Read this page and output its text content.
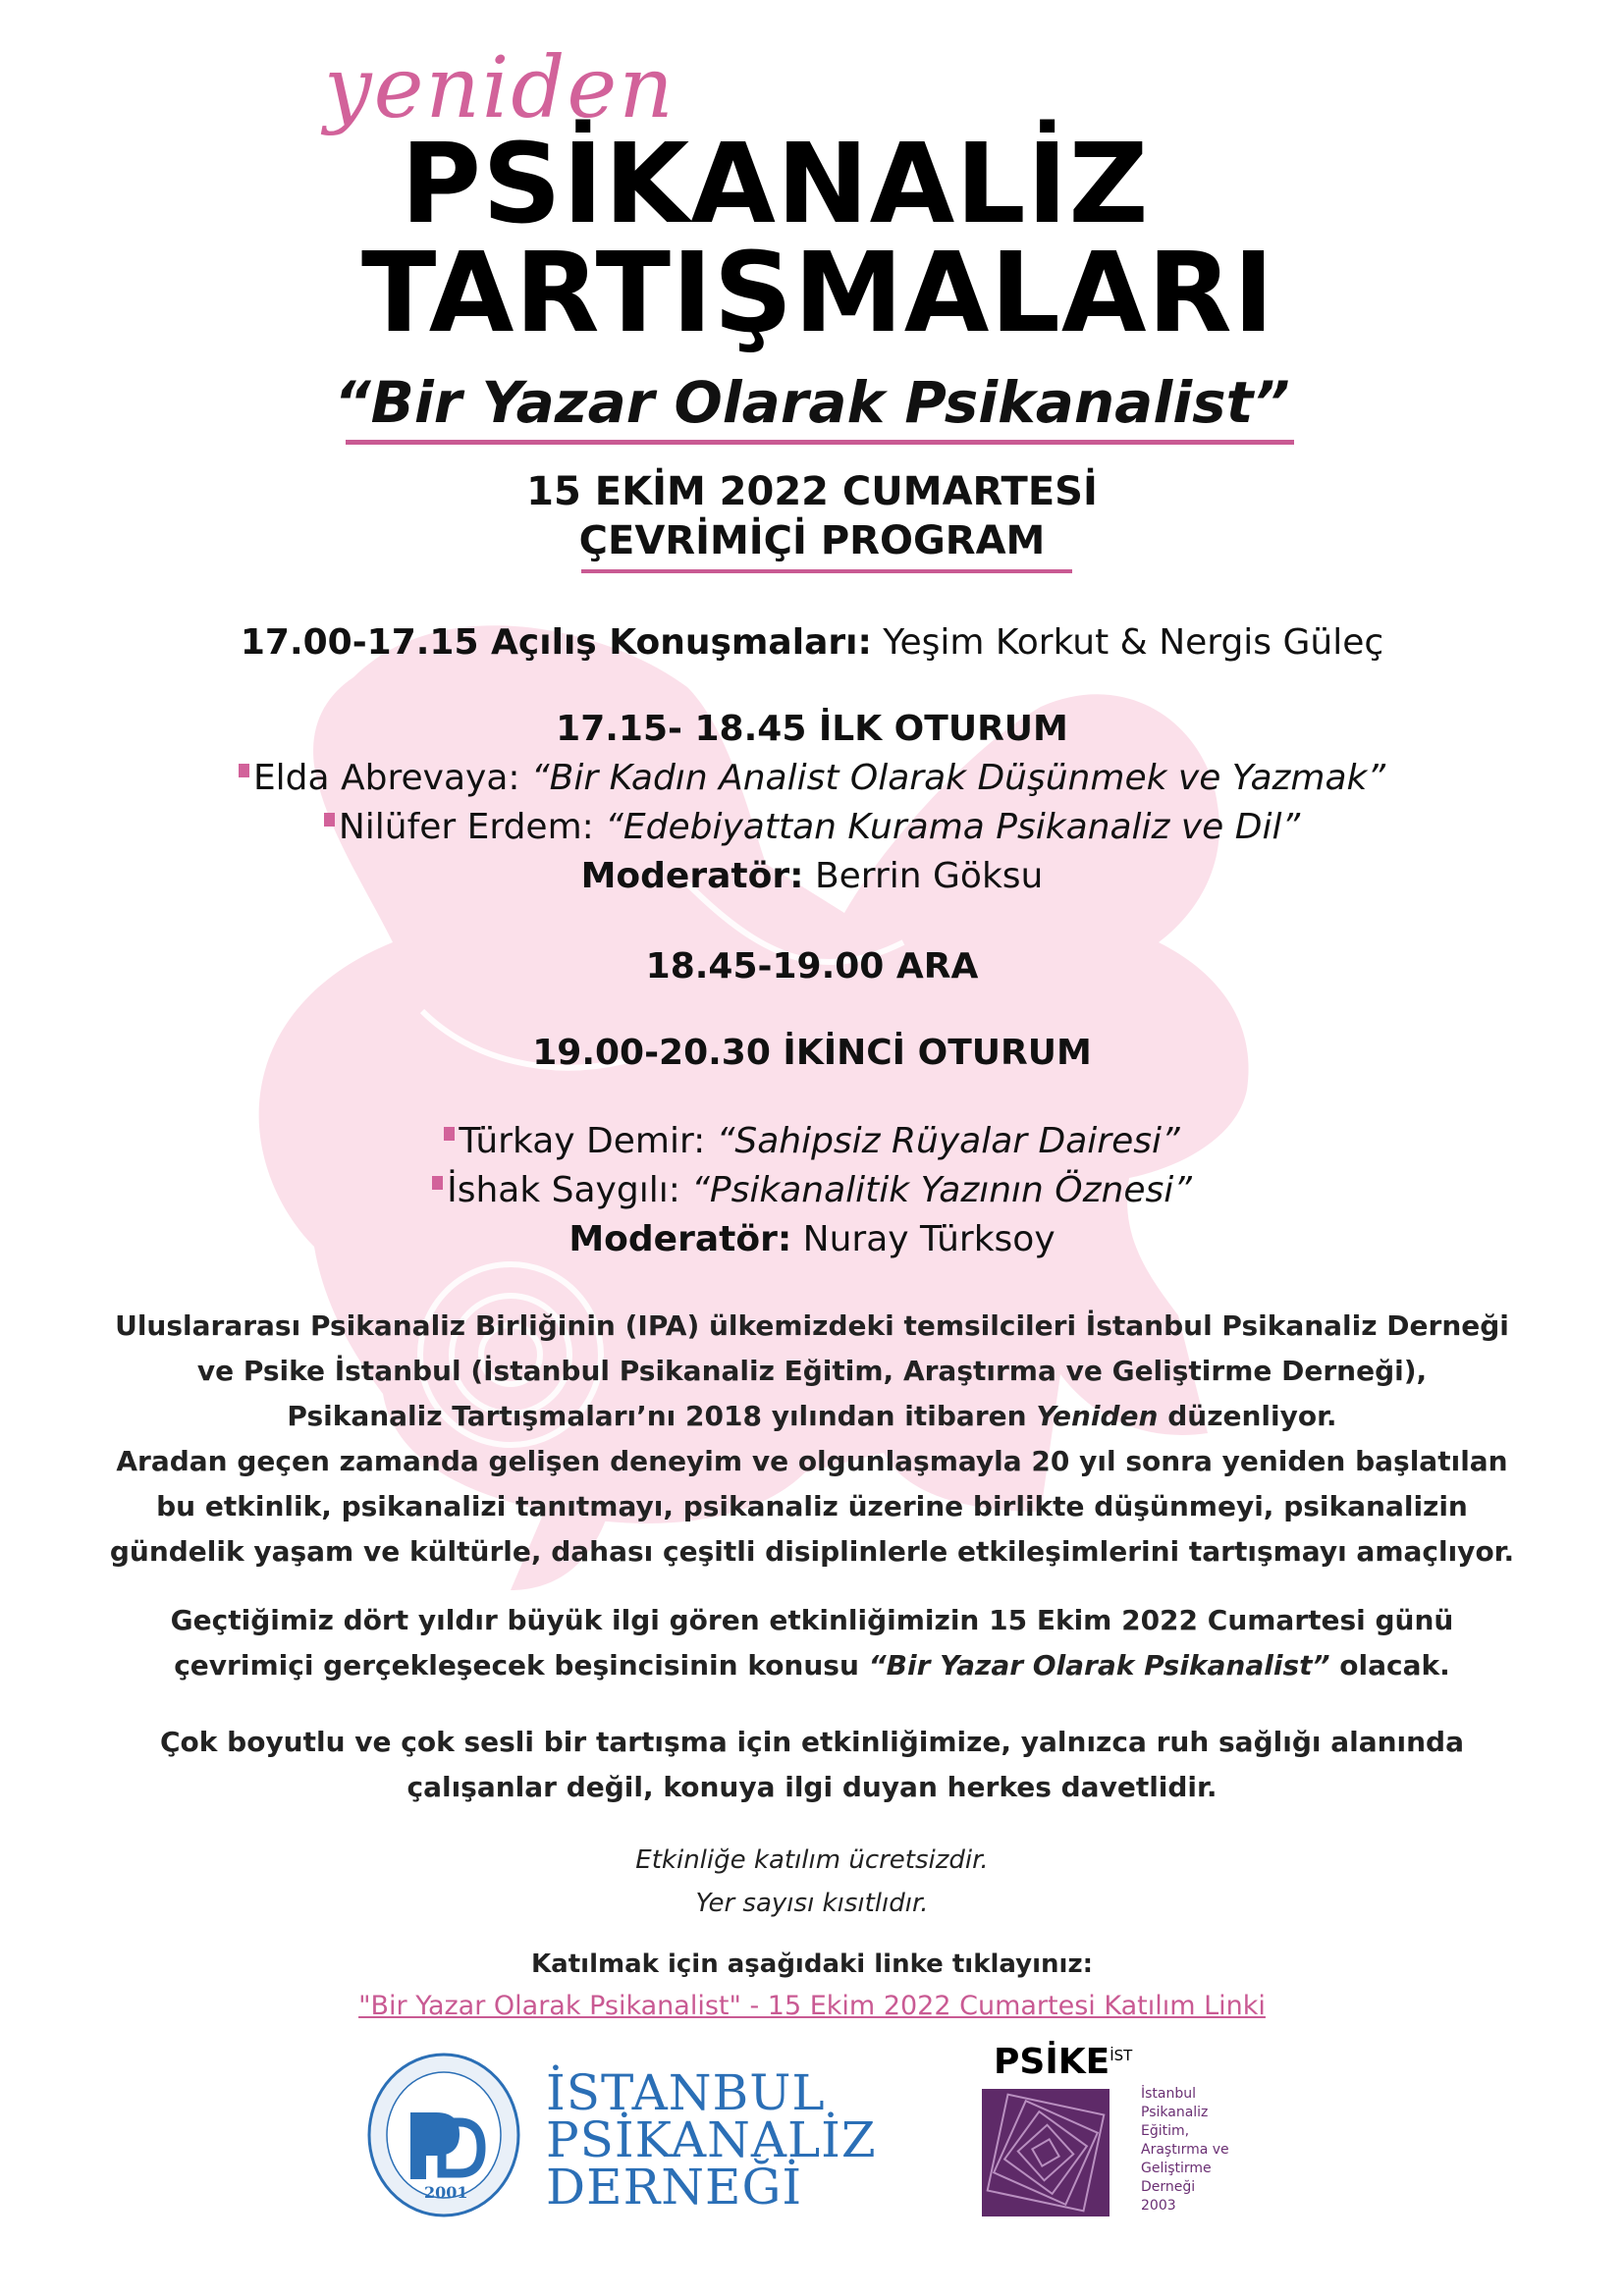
yeniden
PSİKANALİZ
TARTIŞMALARI
“Bir Yazar Olarak Psikanalist”
15 EKİM 2022 CUMARTESİ
ÇEVRİMİÇİ PROGRAM
17.00-17.15 Açılış Konuşmaları: Yeşim Korkut & Nergis Güleç
17.15- 18.45 İLK OTURUM
Elda Abrevaya: “Bir Kadın Analist Olarak Düşünmek ve Yazmak”
Nilüfer Erdem: “Edebiyattan Kurama Psikanaliz ve Dil”
Moderatör: Berrin Göksu
18.45-19.00 ARA
19.00-20.30 İKİNCİ OTURUM
Türkay Demir: “Sahipsiz Rüyalar Dairesi”
İshak Saygılı: “Psikanalitik Yazının Öznesi”
Moderatör: Nuray Türksoy
Uluslararası Psikanaliz Birliğinin (IPA) ülkemizdeki temsilcileri İstanbul Psikanaliz Derneği
ve Psike İstanbul (İstanbul Psikanaliz Eğitim, Araştırma ve Geliştirme Derneği),
Psikanaliz Tartışmaları’nı 2018 yılından itibaren Yeniden düzenliyor.
Aradan geçen zamanda gelişen deneyim ve olgunlaşmayla 20 yıl sonra yeniden başlatılan
bu etkinlik, psikanalizi tanıtmayı, psikanaliz üzerine birlikte düşünmeyi, psikanalizin
gündelik yaşam ve kültürle, dahası çeşitli disiplinlerle etkileşimlerini tartışmayı amaçlıyor.
Geçtiğimiz dört yıldır büyük ilgi gören etkinliğimizin 15 Ekim 2022 Cumartesi günü
çevrimiçi gerçekleşecek beşincisinin konusu “Bir Yazar Olarak Psikanalist” olacak.
Çok boyutlu ve çok sesli bir tartışma için etkinliğimize, yalnızca ruh sağlığı alanında
çalışanlar değil, konuya ilgi duyan herkes davetlidir.
Etkinliğe katılım ücretsizdir.
Yer sayısı kısıtlıdır.
Katılmak için aşağıdaki linke tıklayınız:
"Bir Yazar Olarak Psikanalist" - 15 Ekim 2022 Cumartesi Katılım Linki
2001
İSTANBUL
PSİKANALİZ
DERNEĞİ
$PSİKE^{İST}$
İstanbul
Psikanaliz
Eğitim,
Araştırma ve
Geliştirme
Derneği
2003
